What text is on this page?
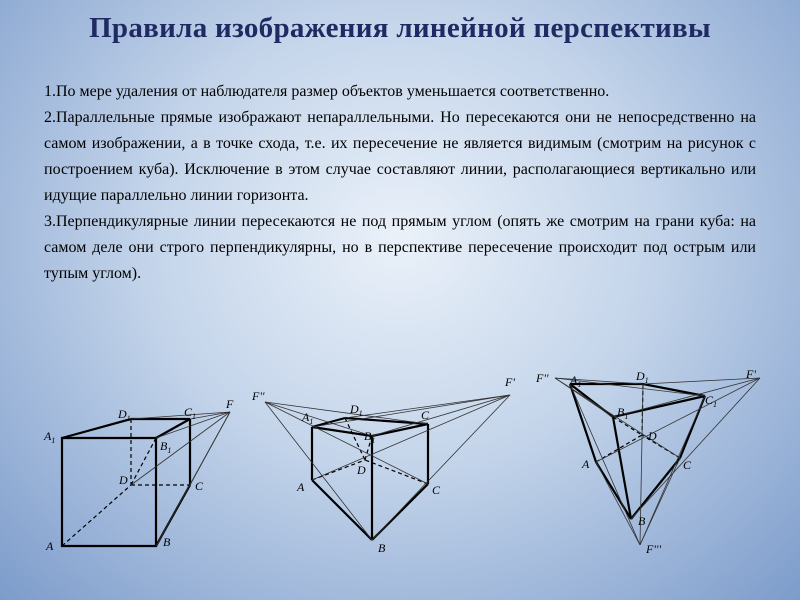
Правила изображения линейной перспективы

1.По мере удаления от наблюдателя размер объектов уменьшается соответственно.

2.Параллельные прямые изображают непараллельными. Но пересекаются они не непосредственно на самом изображении, а в точке схода, т.е. их пересечение не является видимым (смотрим на рисунок с построением куба). Исключение в этом случае составляют линии, располагающиеся вертикально или идущие параллельно линии горизонта.

3.Перпендикулярные линии пересекаются не под прямым углом (опять же смотрим на грани куба: на самом деле они строго перпендикулярны, но в перспективе пересечение происходит под острым или тупым углом).

$A_1$
$D_1$	$C_1$
$B_1$
D	C
A	B
F
F''
$A_1$
$D_1$	C
$B_1$
D
A	C
B
F' F'' $A_1$
$D_1$	F'
$B_1$
$C_1$
D
A	C
B
F'''
